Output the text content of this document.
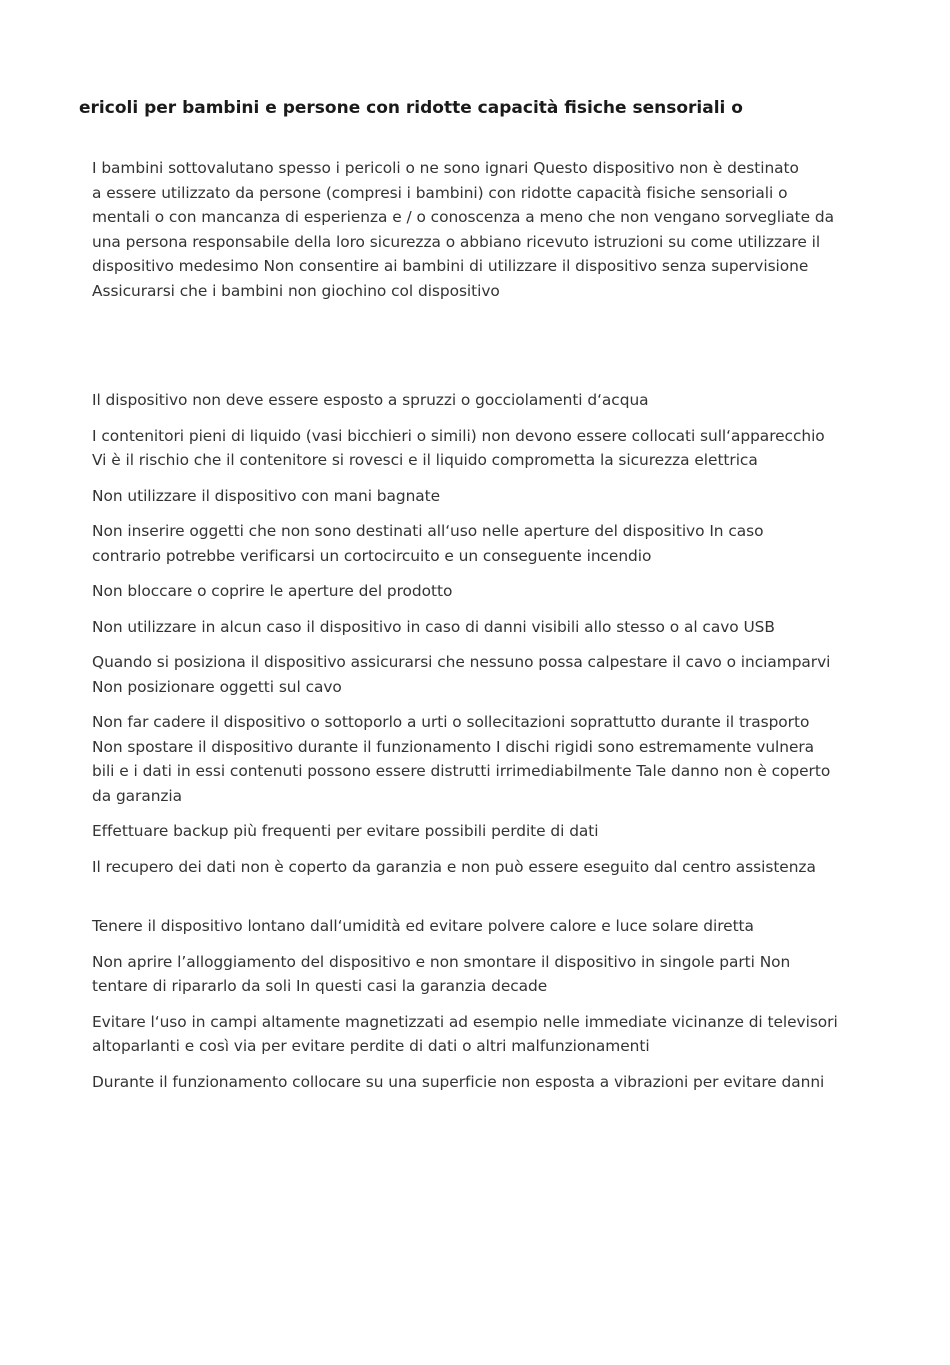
ericoli per bambini e persone con ridotte capacità fisiche sensoriali o
I bambini sottovalutano spesso i pericoli o ne sono ignari Questo dispositivo non è destinato
a essere utilizzato da persone (compresi i bambini) con ridotte capacità fisiche sensoriali o
mentali o con mancanza di esperienza e / o conoscenza a meno che non vengano sorvegliate da
una persona responsabile della loro sicurezza o abbiano ricevuto istruzioni su come utilizzare il
dispositivo medesimo Non consentire ai bambini di utilizzare il dispositivo senza supervisione
Assicurarsi che i bambini non giochino col dispositivo
Il dispositivo non deve essere esposto a spruzzi o gocciolamenti d‘acqua
I contenitori pieni di liquido (vasi bicchieri o simili) non devono essere collocati sull‘apparecchio
Vi è il rischio che il contenitore si rovesci e il liquido comprometta la sicurezza elettrica
Non utilizzare il dispositivo con mani bagnate
Non inserire oggetti che non sono destinati all‘uso nelle aperture del dispositivo In caso
contrario potrebbe verificarsi un cortocircuito e un conseguente incendio
Non bloccare o coprire le aperture del prodotto
Non utilizzare in alcun caso il dispositivo in caso di danni visibili allo stesso o al cavo USB
Quando si posiziona il dispositivo assicurarsi che nessuno possa calpestare il cavo o inciamparvi
Non posizionare oggetti sul cavo
Non far cadere il dispositivo o sottoporlo a urti o sollecitazioni soprattutto durante il trasporto
Non spostare il dispositivo durante il funzionamento I dischi rigidi sono estremamente vulnera
bili e i dati in essi contenuti possono essere distrutti irrimediabilmente Tale danno non è coperto
da garanzia
Effettuare backup più frequenti per evitare possibili perdite di dati
Il recupero dei dati non è coperto da garanzia e non può essere eseguito dal centro assistenza
Tenere il dispositivo lontano dall‘umidità ed evitare polvere calore e luce solare diretta
Non aprire l’alloggiamento del dispositivo e non smontare il dispositivo in singole parti Non
tentare di ripararlo da soli In questi casi la garanzia decade
Evitare l‘uso in campi altamente magnetizzati ad esempio nelle immediate vicinanze di televisori
altoparlanti e così via per evitare perdite di dati o altri malfunzionamenti
Durante il funzionamento collocare su una superficie non esposta a vibrazioni per evitare danni
